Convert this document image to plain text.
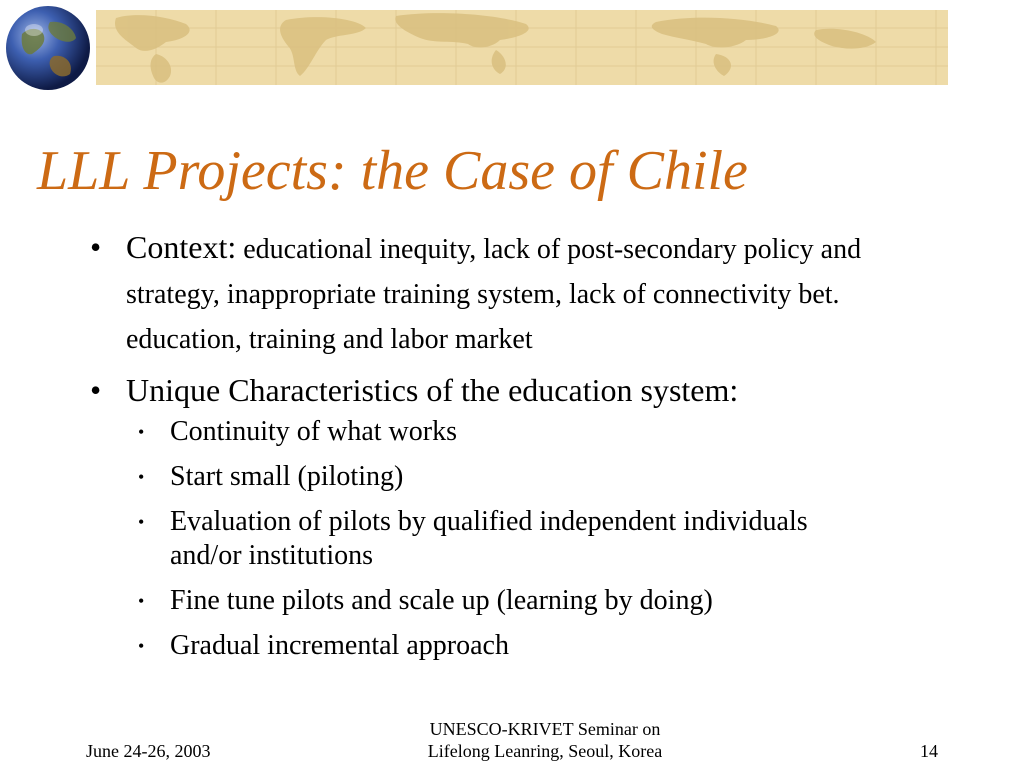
LLL Projects: the Case of Chile
• Context: educational inequity, lack of post-secondary policy and strategy, inappropriate training system, lack of connectivity bet. education, training and labor market
• Unique Characteristics of the education system:
• Continuity of what works
• Start small (piloting)
• Evaluation of pilots by qualified independent individuals and/or institutions
• Fine tune pilots and scale up (learning by doing)
• Gradual incremental approach
June 24-26, 2003
UNESCO-KRIVET Seminar on
Lifelong Leanring, Seoul, Korea	14
